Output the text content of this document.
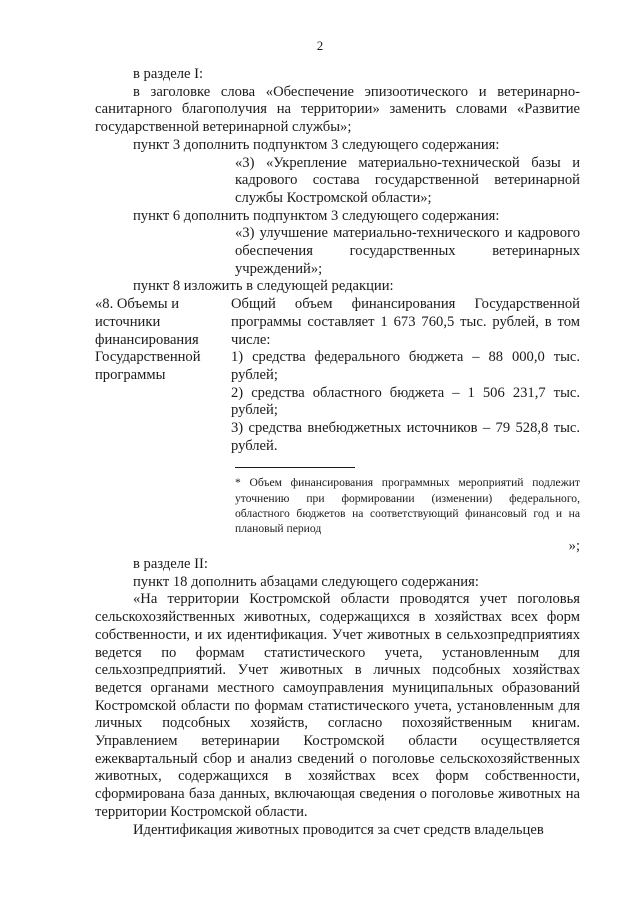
2

в разделе I:

в заголовке слова «Обеспечение эпизоотического и ветеринарно-санитарного благополучия на территории» заменить словами «Развитие государственной ветеринарной службы»;

пункт 3 дополнить подпунктом 3 следующего содержания:

«3) «Укрепление материально-технической базы и кадрового состава государственной ветеринарной службы Костромской области»;

пункт 6 дополнить подпунктом 3 следующего содержания:

«3) улучшение материально-технического и кадрового обеспечения государственных ветеринарных учреждений»;

пункт 8 изложить в следующей редакции:

«8. Объемы и
источники
финансирования
Государственной
программы

Общий объем финансирования Государственной программы составляет 1 673 760,5 тыс. рублей, в том числе:

1) средства федерального бюджета – 88 000,0 тыс. рублей;

2) средства областного бюджета – 1 506 231,7 тыс. рублей;

3) средства внебюджетных источников – 79 528,8 тыс. рублей.

* Объем финансирования программных мероприятий подлежит уточнению при формировании (изменении) федерального, областного бюджетов на соответствующий финансовый год и на плановый период
»;

в разделе II:

пункт 18 дополнить абзацами следующего содержания:

«На территории Костромской области проводятся учет поголовья сельскохозяйственных животных, содержащихся в хозяйствах всех форм собственности, и их идентификация. Учет животных в сельхозпредприятиях ведется по формам статистического учета, установленным для сельхозпредприятий. Учет животных в личных подсобных хозяйствах ведется органами местного самоуправления муниципальных образований Костромской области по формам статистического учета, установленным для личных подсобных хозяйств, согласно похозяйственным книгам. Управлением ветеринарии Костромской области осуществляется ежеквартальный сбор и анализ сведений о поголовье сельскохозяйственных животных, содержащихся в хозяйствах всех форм собственности, сформирована база данных, включающая сведения о поголовье животных на территории Костромской области.

Идентификация животных проводится за счет средств владельцев
